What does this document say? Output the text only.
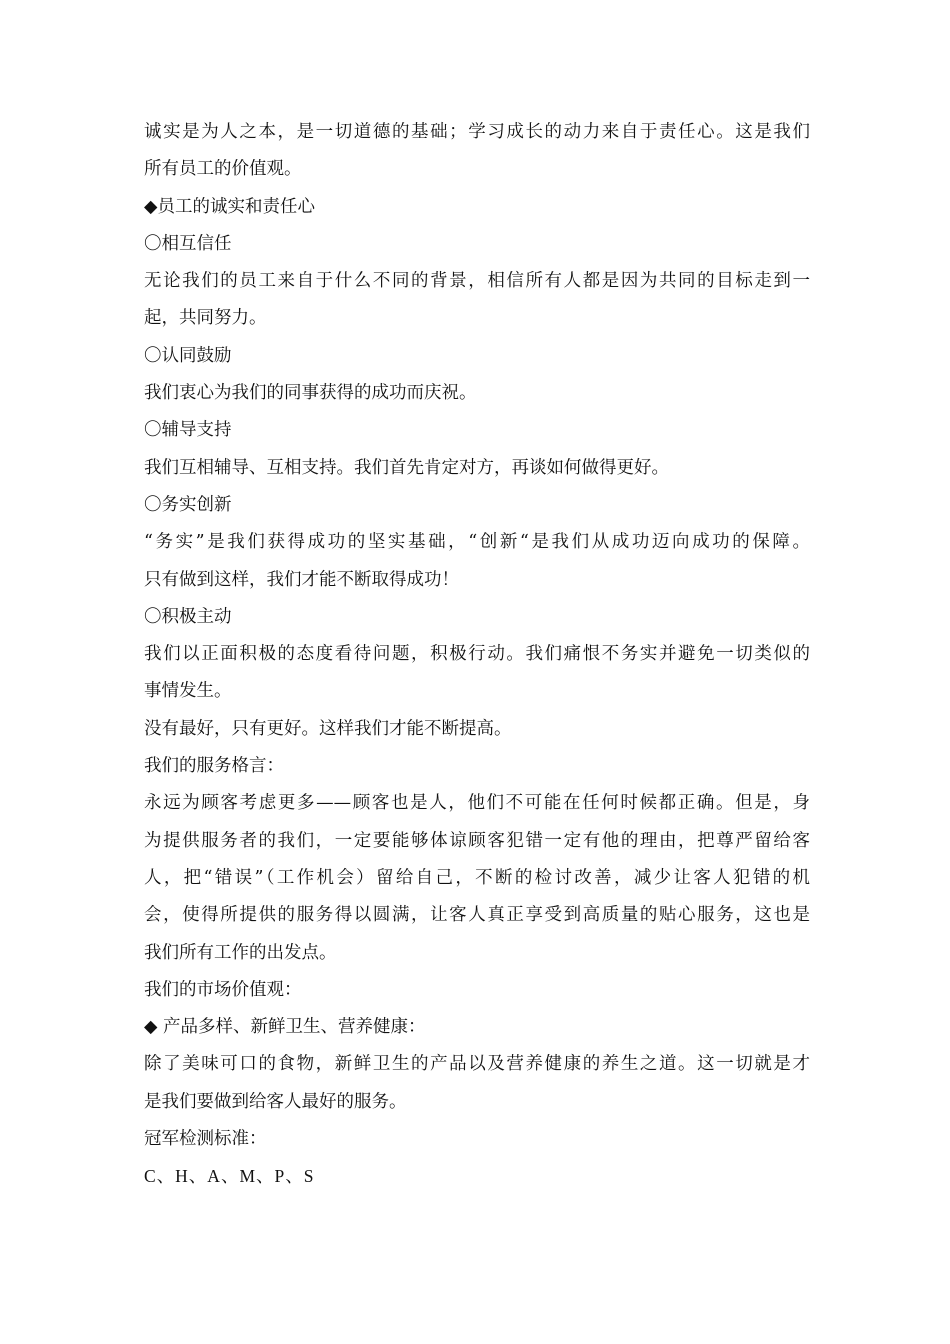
诚实是为人之本，是一切道德的基础；学习成长的动力来自于责任心。这是我们

所有员工的价值观。

◆员工的诚实和责任心

〇相互信任

无论我们的员工来自于什么不同的背景，相信所有人都是因为共同的目标走到一

起，共同努力。

〇认同鼓励

我们衷心为我们的同事获得的成功而庆祝。

〇辅导支持

我们互相辅导、互相支持。我们首先肯定对方，再谈如何做得更好。

〇务实创新

“务实”是我们获得成功的坚实基础，“创新“是我们从成功迈向成功的保障。

只有做到这样，我们才能不断取得成功！

〇积极主动

我们以正面积极的态度看待问题，积极行动。我们痛恨不务实并避免一切类似的

事情发生。

没有最好，只有更好。这样我们才能不断提高。

我们的服务格言：

永远为顾客考虑更多——顾客也是人，他们不可能在任何时候都正确。但是，身

为提供服务者的我们，一定要能够体谅顾客犯错一定有他的理由，把尊严留给客

人，把“错误”（工作机会）留给自己，不断的检讨改善，减少让客人犯错的机

会，使得所提供的服务得以圆满，让客人真正享受到高质量的贴心服务，这也是

我们所有工作的出发点。

我们的市场价值观：

◆ 产品多样、新鲜卫生、营养健康：

除了美味可口的食物，新鲜卫生的产品以及营养健康的养生之道。这一切就是才

是我们要做到给客人最好的服务。

冠军检测标准：

C、H、A、M、P、S
